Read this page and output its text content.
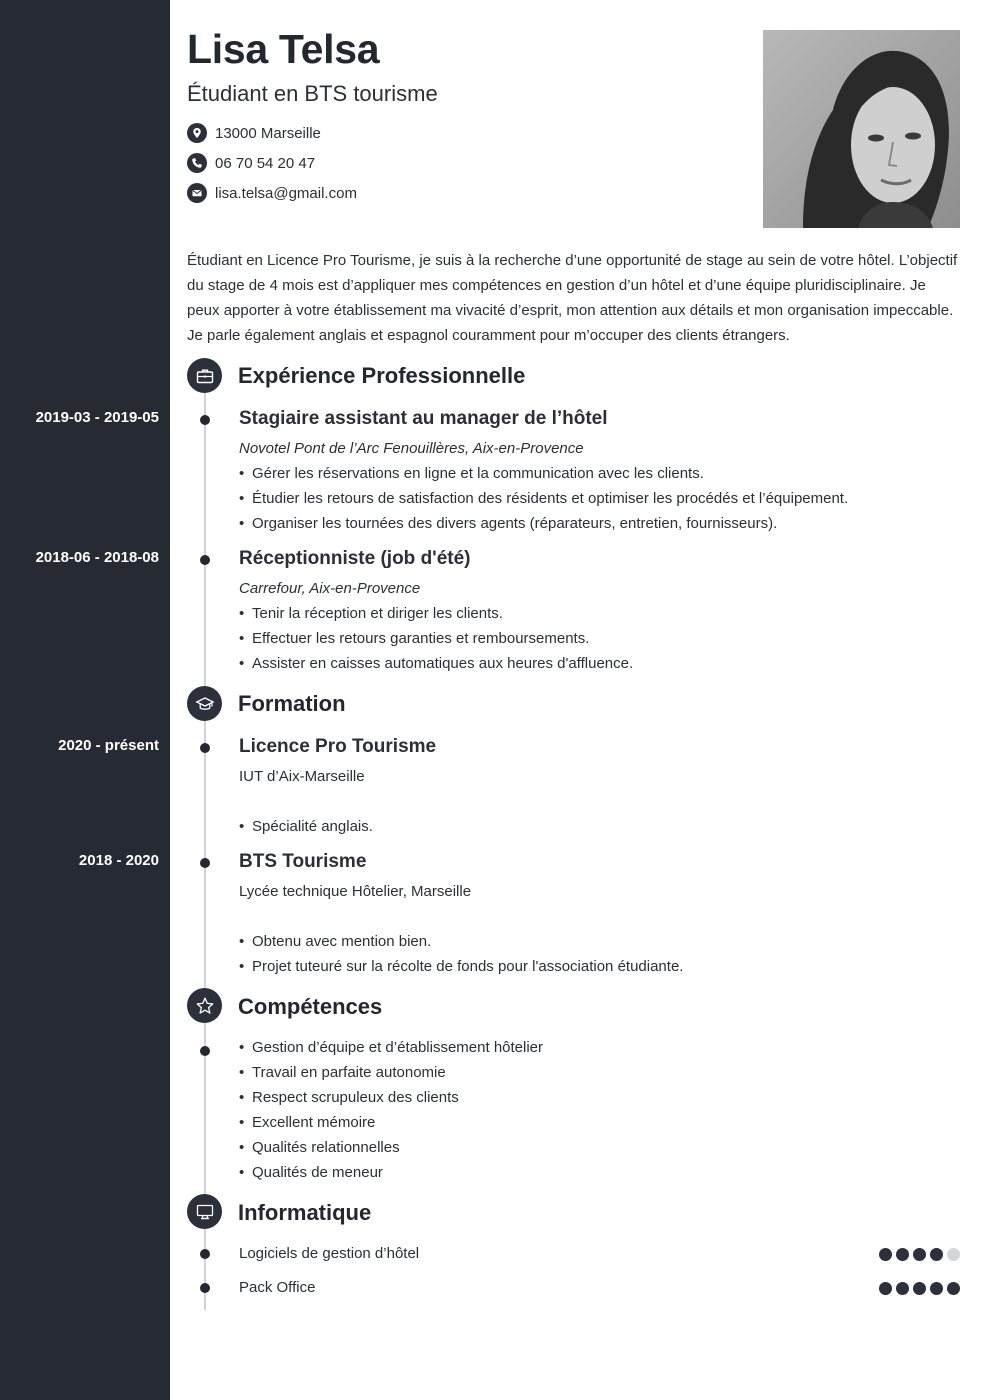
Lisa Telsa
Étudiant en BTS tourisme
13000 Marseille
06 70 54 20 47
lisa.telsa@gmail.com
Étudiant en Licence Pro Tourisme, je suis à la recherche d’une opportunité de stage au sein de votre hôtel. L’objectif du stage de 4 mois est d’appliquer mes compétences en gestion d’un hôtel et d’une équipe pluridisciplinaire. Je peux apporter à votre établissement ma vivacité d’esprit, mon attention aux détails et mon organisation impeccable. Je parle également anglais et espagnol couramment pour m’occuper des clients étrangers.
Expérience Professionnelle
2019-03 - 2019-05	Stagiaire assistant au manager de l’hôtel
Novotel Pont de l’Arc Fenouillères, Aix-en-Provence
• Gérer les réservations en ligne et la communication avec les clients.
• Étudier les retours de satisfaction des résidents et optimiser les procédés et l’équipement.
• Organiser les tournées des divers agents (réparateurs, entretien, fournisseurs).
2018-06 - 2018-08	Réceptionniste (job d'été)
Carrefour, Aix-en-Provence
• Tenir la réception et diriger les clients.
• Effectuer les retours garanties et remboursements.
• Assister en caisses automatiques aux heures d'affluence.
Formation
2020 - présent	Licence Pro Tourisme
IUT d’Aix-Marseille
• Spécialité anglais.
2018 - 2020	BTS Tourisme
Lycée technique Hôtelier, Marseille
• Obtenu avec mention bien.
• Projet tuteuré sur la récolte de fonds pour l'association étudiante.
Compétences
• Gestion d’équipe et d’établissement hôtelier
• Travail en parfaite autonomie
• Respect scrupuleux des clients
• Excellent mémoire
• Qualités relationnelles
• Qualités de meneur
Informatique
Logiciels de gestion d’hôtel
Pack Office
